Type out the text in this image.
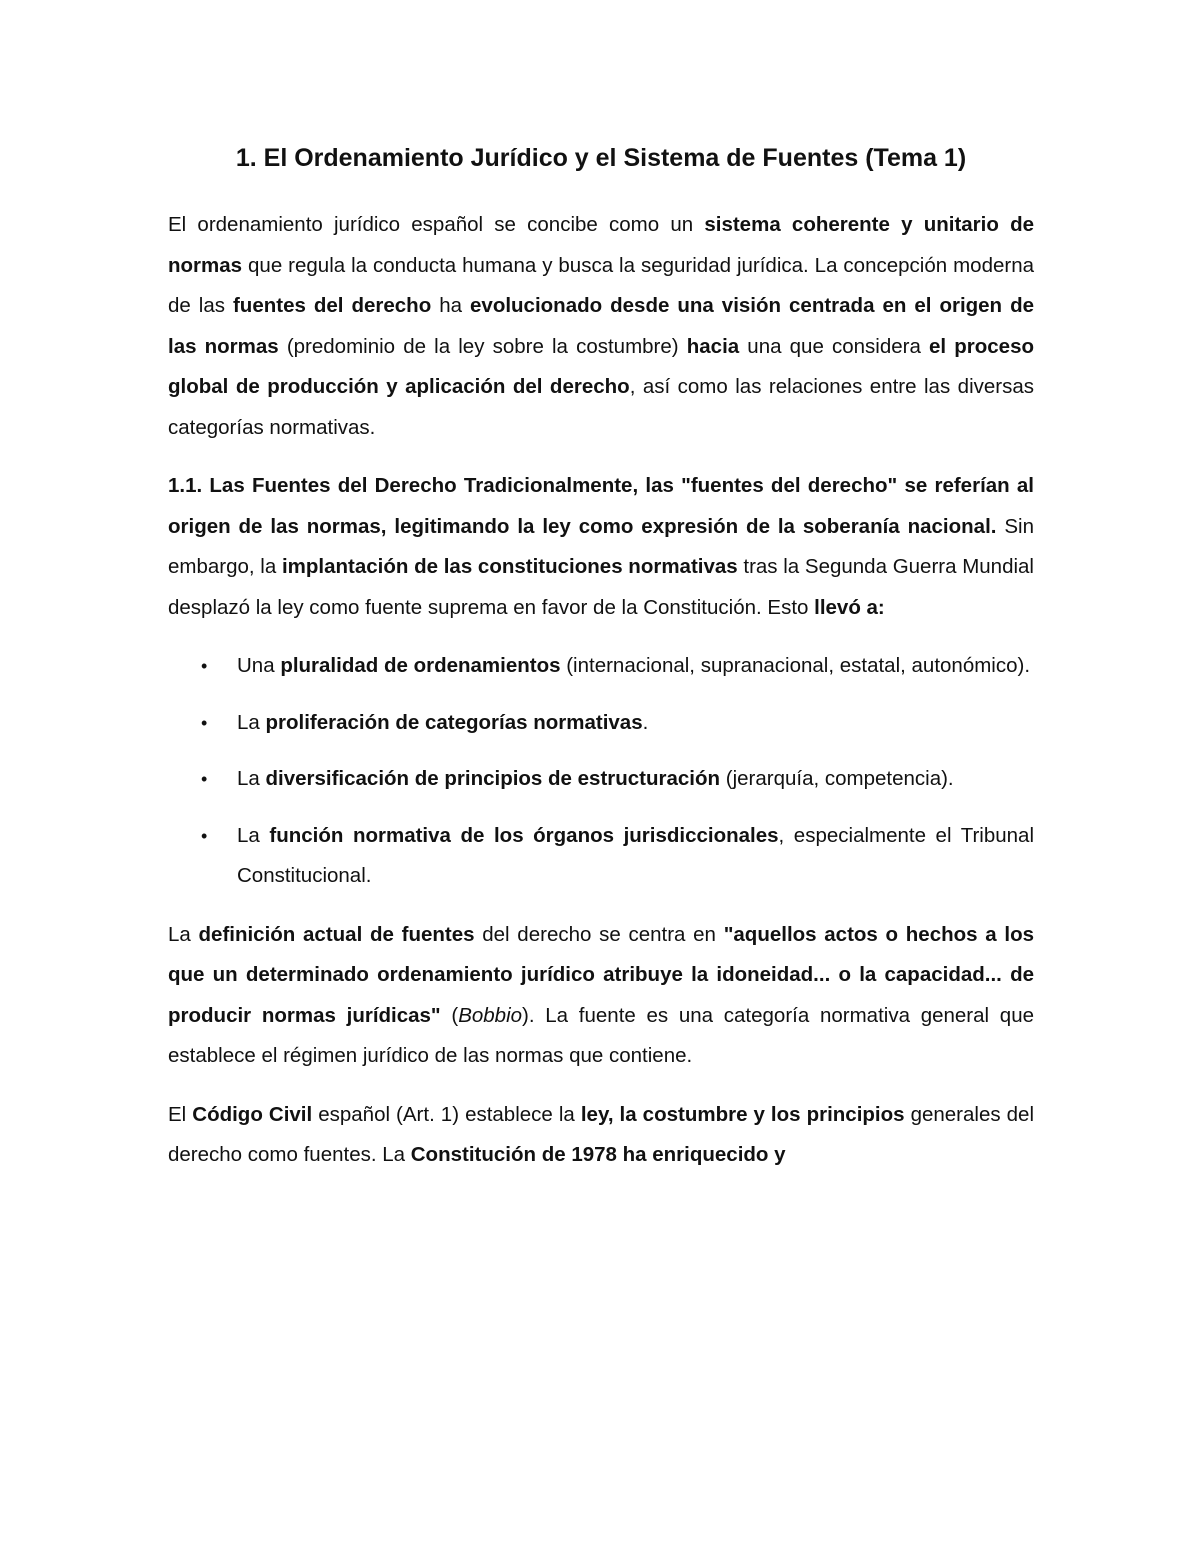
1. El Ordenamiento Jurídico y el Sistema de Fuentes (Tema 1)

El ordenamiento jurídico español se concibe como un sistema coherente y unitario de normas que regula la conducta humana y busca la seguridad jurídica. La concepción moderna de las fuentes del derecho ha evolucionado desde una visión centrada en el origen de las normas (predominio de la ley sobre la costumbre) hacia una que considera el proceso global de producción y aplicación del derecho, así como las relaciones entre las diversas categorías normativas.

1.1. Las Fuentes del Derecho Tradicionalmente, las "fuentes del derecho" se referían al origen de las normas, legitimando la ley como expresión de la soberanía nacional. Sin embargo, la implantación de las constituciones normativas tras la Segunda Guerra Mundial desplazó la ley como fuente suprema en favor de la Constitución. Esto llevó a:

• Una pluralidad de ordenamientos (internacional, supranacional, estatal, autonómico).
• La proliferación de categorías normativas.
• La diversificación de principios de estructuración (jerarquía, competencia).
• La función normativa de los órganos jurisdiccionales, especialmente el Tribunal Constitucional.

La definición actual de fuentes del derecho se centra en "aquellos actos o hechos a los que un determinado ordenamiento jurídico atribuye la idoneidad... o la capacidad... de producir normas jurídicas" (Bobbio). La fuente es una categoría normativa general que establece el régimen jurídico de las normas que contiene.

El Código Civil español (Art. 1) establece la ley, la costumbre y los principios generales del derecho como fuentes. La Constitución de 1978 ha enriquecido y
